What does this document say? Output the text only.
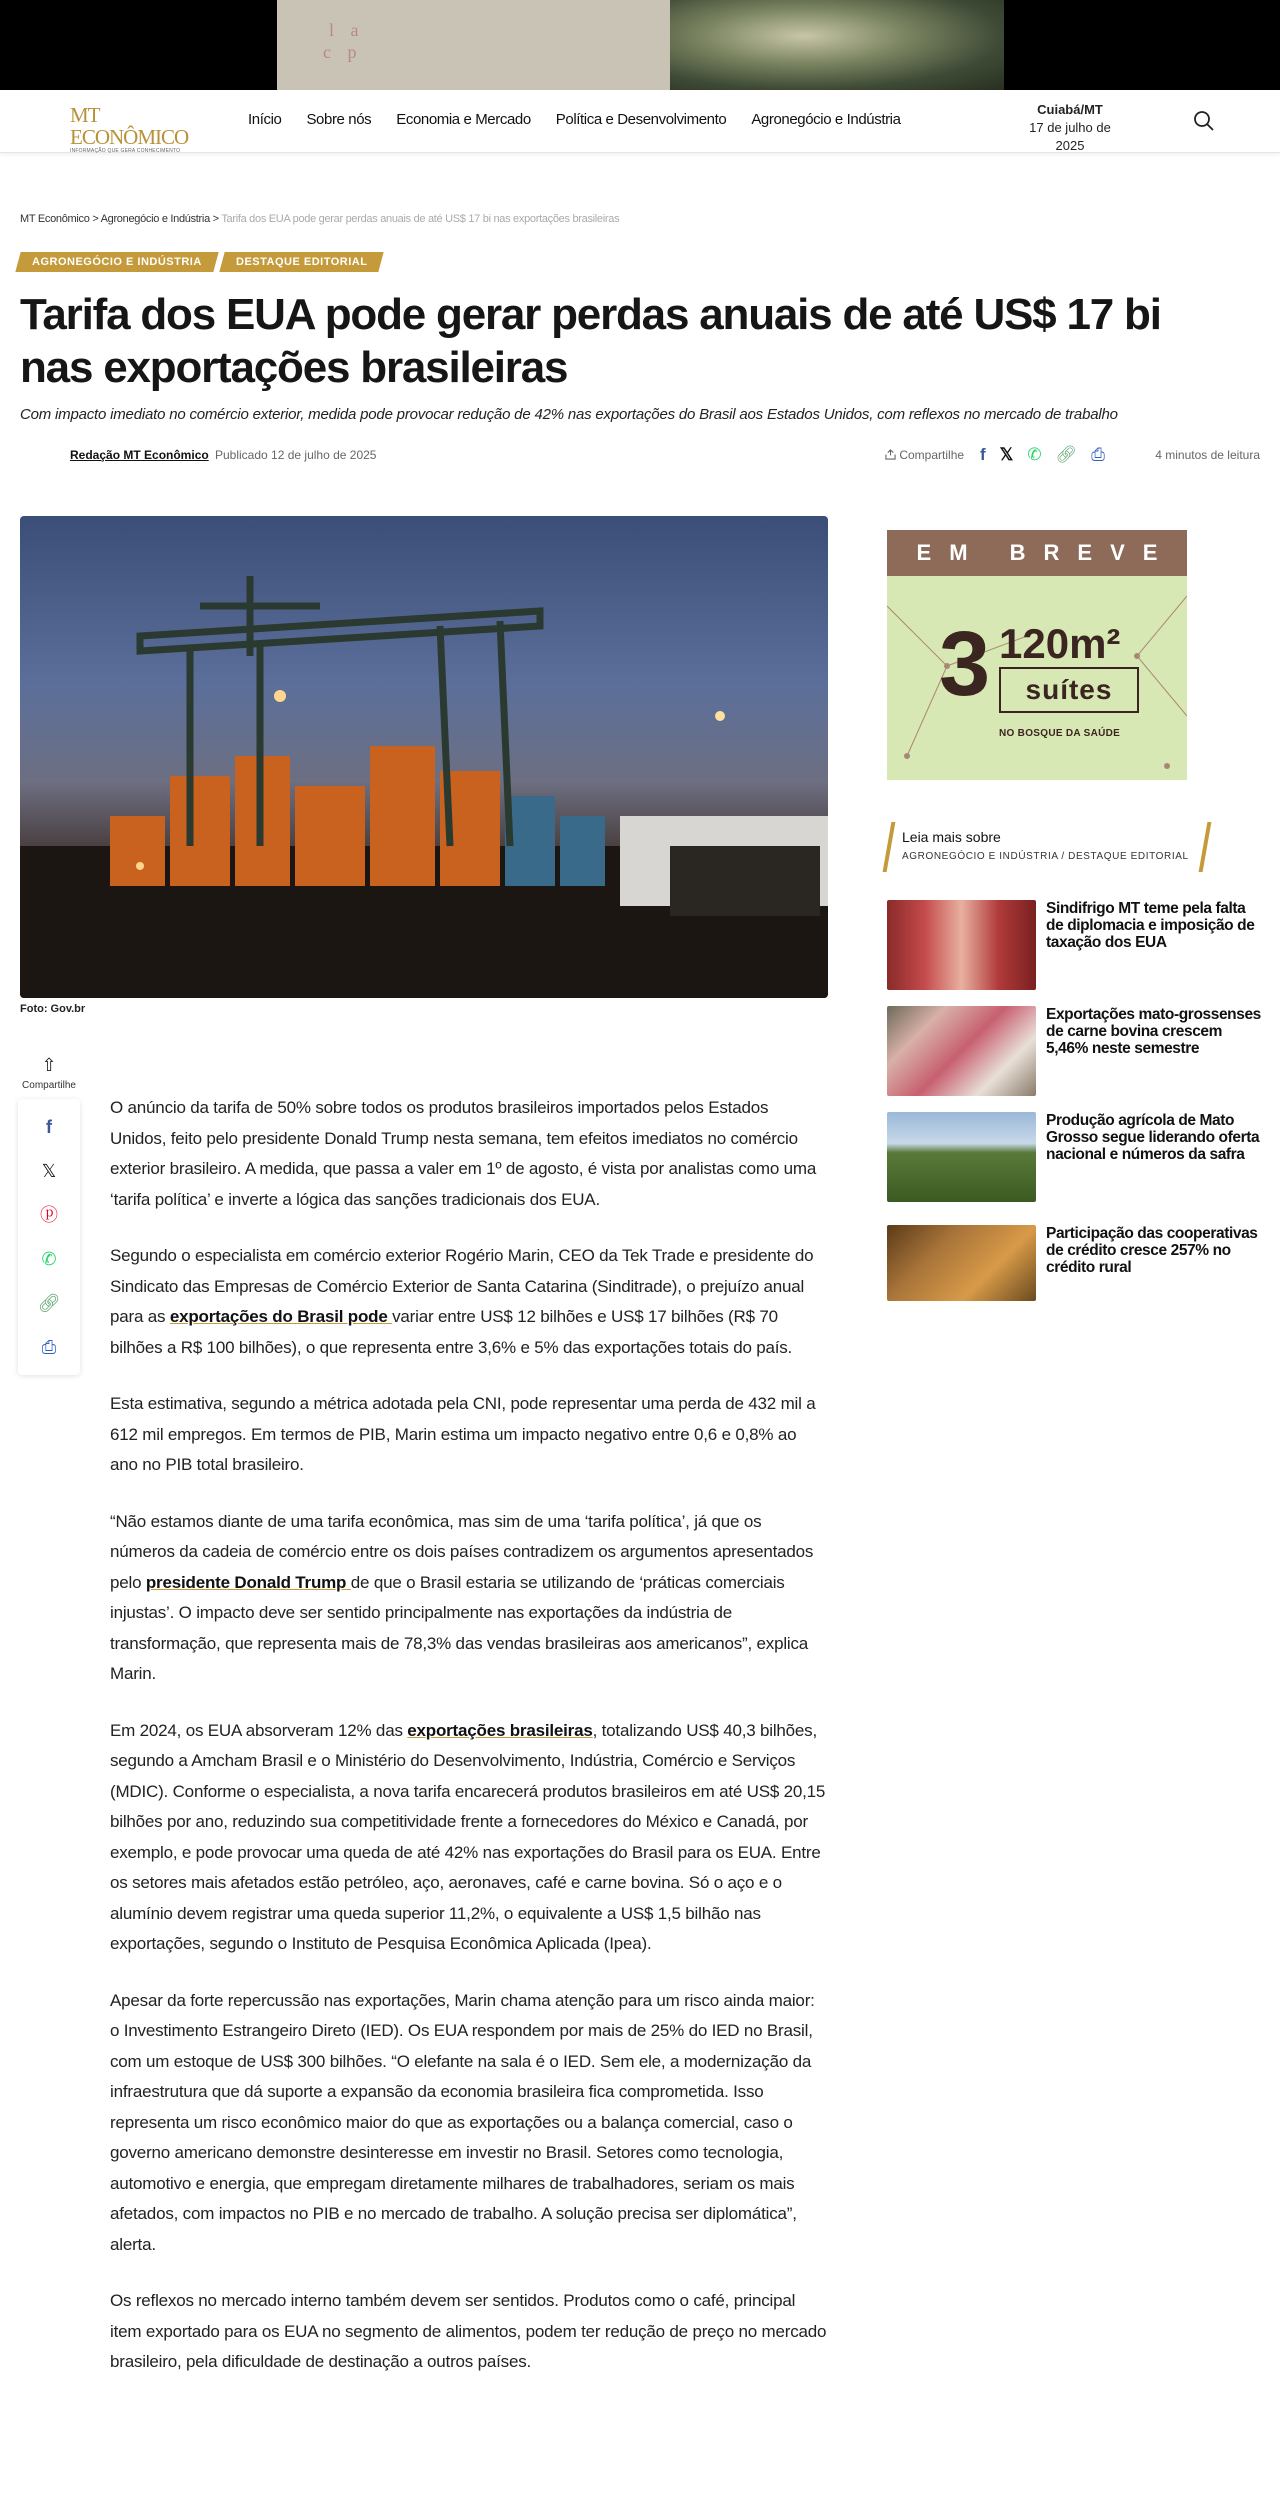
l a
c p
MT ECONÔMICO
INFORMAÇÃO QUE GERA CONHECIMENTO
Início Sobre nós Economia e Mercado Política e Desenvolvimento Agronegócio e Indústria
Cuiabá/MT
17 de julho de 2025
MT Econômico > Agronegócio e Indústria > Tarifa dos EUA pode gerar perdas anuais de até US$ 17 bi nas exportações brasileiras
AGRONEGÓCIO E INDÚSTRIA	DESTAQUE EDITORIAL
Tarifa dos EUA pode gerar perdas anuais de até US$ 17 bi nas exportações brasileiras
Com impacto imediato no comércio exterior, medida pode provocar redução de 42% nas exportações do Brasil aos Estados Unidos, com reflexos no mercado de trabalho
Redação MT Econômico Publicado 12 de julho de 2025	Compartilhe f 𝕏 ✆ 🔗︎ ⎙	4 minutos de leitura
Foto: Gov.br
⇧
Compartilhe
f
𝕏
ⓟ
✆
🔗︎
⎙

O anúncio da tarifa de 50% sobre todos os produtos brasileiros importados pelos Estados Unidos, feito pelo presidente Donald Trump nesta semana, tem efeitos imediatos no comércio exterior brasileiro. A medida, que passa a valer em 1º de agosto, é vista por analistas como uma ‘tarifa política’ e inverte a lógica das sanções tradicionais dos EUA.

Segundo o especialista em comércio exterior Rogério Marin, CEO da Tek Trade e presidente do Sindicato das Empresas de Comércio Exterior de Santa Catarina (Sinditrade), o prejuízo anual para as exportações do Brasil pode variar entre US$ 12 bilhões e US$ 17 bilhões (R$ 70 bilhões a R$ 100 bilhões), o que representa entre 3,6% e 5% das exportações totais do país.

Esta estimativa, segundo a métrica adotada pela CNI, pode representar uma perda de 432 mil a 612 mil empregos. Em termos de PIB, Marin estima um impacto negativo entre 0,6 e 0,8% ao ano no PIB total brasileiro.

“Não estamos diante de uma tarifa econômica, mas sim de uma ‘tarifa política’, já que os números da cadeia de comércio entre os dois países contradizem os argumentos apresentados pelo presidente Donald Trump de que o Brasil estaria se utilizando de ‘práticas comerciais injustas’. O impacto deve ser sentido principalmente nas exportações da indústria de transformação, que representa mais de 78,3% das vendas brasileiras aos americanos”, explica Marin.

Em 2024, os EUA absorveram 12% das exportações brasileiras, totalizando US$ 40,3 bilhões, segundo a Amcham Brasil e o Ministério do Desenvolvimento, Indústria, Comércio e Serviços (MDIC). Conforme o especialista, a nova tarifa encarecerá produtos brasileiros em até US$ 20,15 bilhões por ano, reduzindo sua competitividade frente a fornecedores do México e Canadá, por exemplo, e pode provocar uma queda de até 42% nas exportações do Brasil para os EUA. Entre os setores mais afetados estão petróleo, aço, aeronaves, café e carne bovina. Só o aço e o alumínio devem registrar uma queda superior 11,2%, o equivalente a US$ 1,5 bilhão nas exportações, segundo o Instituto de Pesquisa Econômica Aplicada (Ipea).

Apesar da forte repercussão nas exportações, Marin chama atenção para um risco ainda maior: o Investimento Estrangeiro Direto (IED). Os EUA respondem por mais de 25% do IED no Brasil, com um estoque de US$ 300 bilhões. “O elefante na sala é o IED. Sem ele, a modernização da infraestrutura que dá suporte a expansão da economia brasileira fica comprometida. Isso representa um risco econômico maior do que as exportações ou a balança comercial, caso o governo americano demonstre desinteresse em investir no Brasil. Setores como tecnologia, automotivo e energia, que empregam diretamente milhares de trabalhadores, seriam os mais afetados, com impactos no PIB e no mercado de trabalho. A solução precisa ser diplomática”, alerta.

Os reflexos no mercado interno também devem ser sentidos. Produtos como o café, principal item exportado para os EUA no segmento de alimentos, podem ter redução de preço no mercado brasileiro, pela dificuldade de destinação a outros países.

EM BREVE
3 120m²
suítes
NO BOSQUE DA SAÚDE
Leia mais sobre
AGRONEGÓCIO E INDÚSTRIA / DESTAQUE EDITORIAL
Sindifrigo MT teme pela falta de diplomacia e imposição de taxação dos EUA
Exportações mato-grossenses de carne bovina crescem 5,46% neste semestre
Produção agrícola de Mato Grosso segue liderando oferta nacional e números da safra
Participação das cooperativas de crédito cresce 257% no crédito rural
